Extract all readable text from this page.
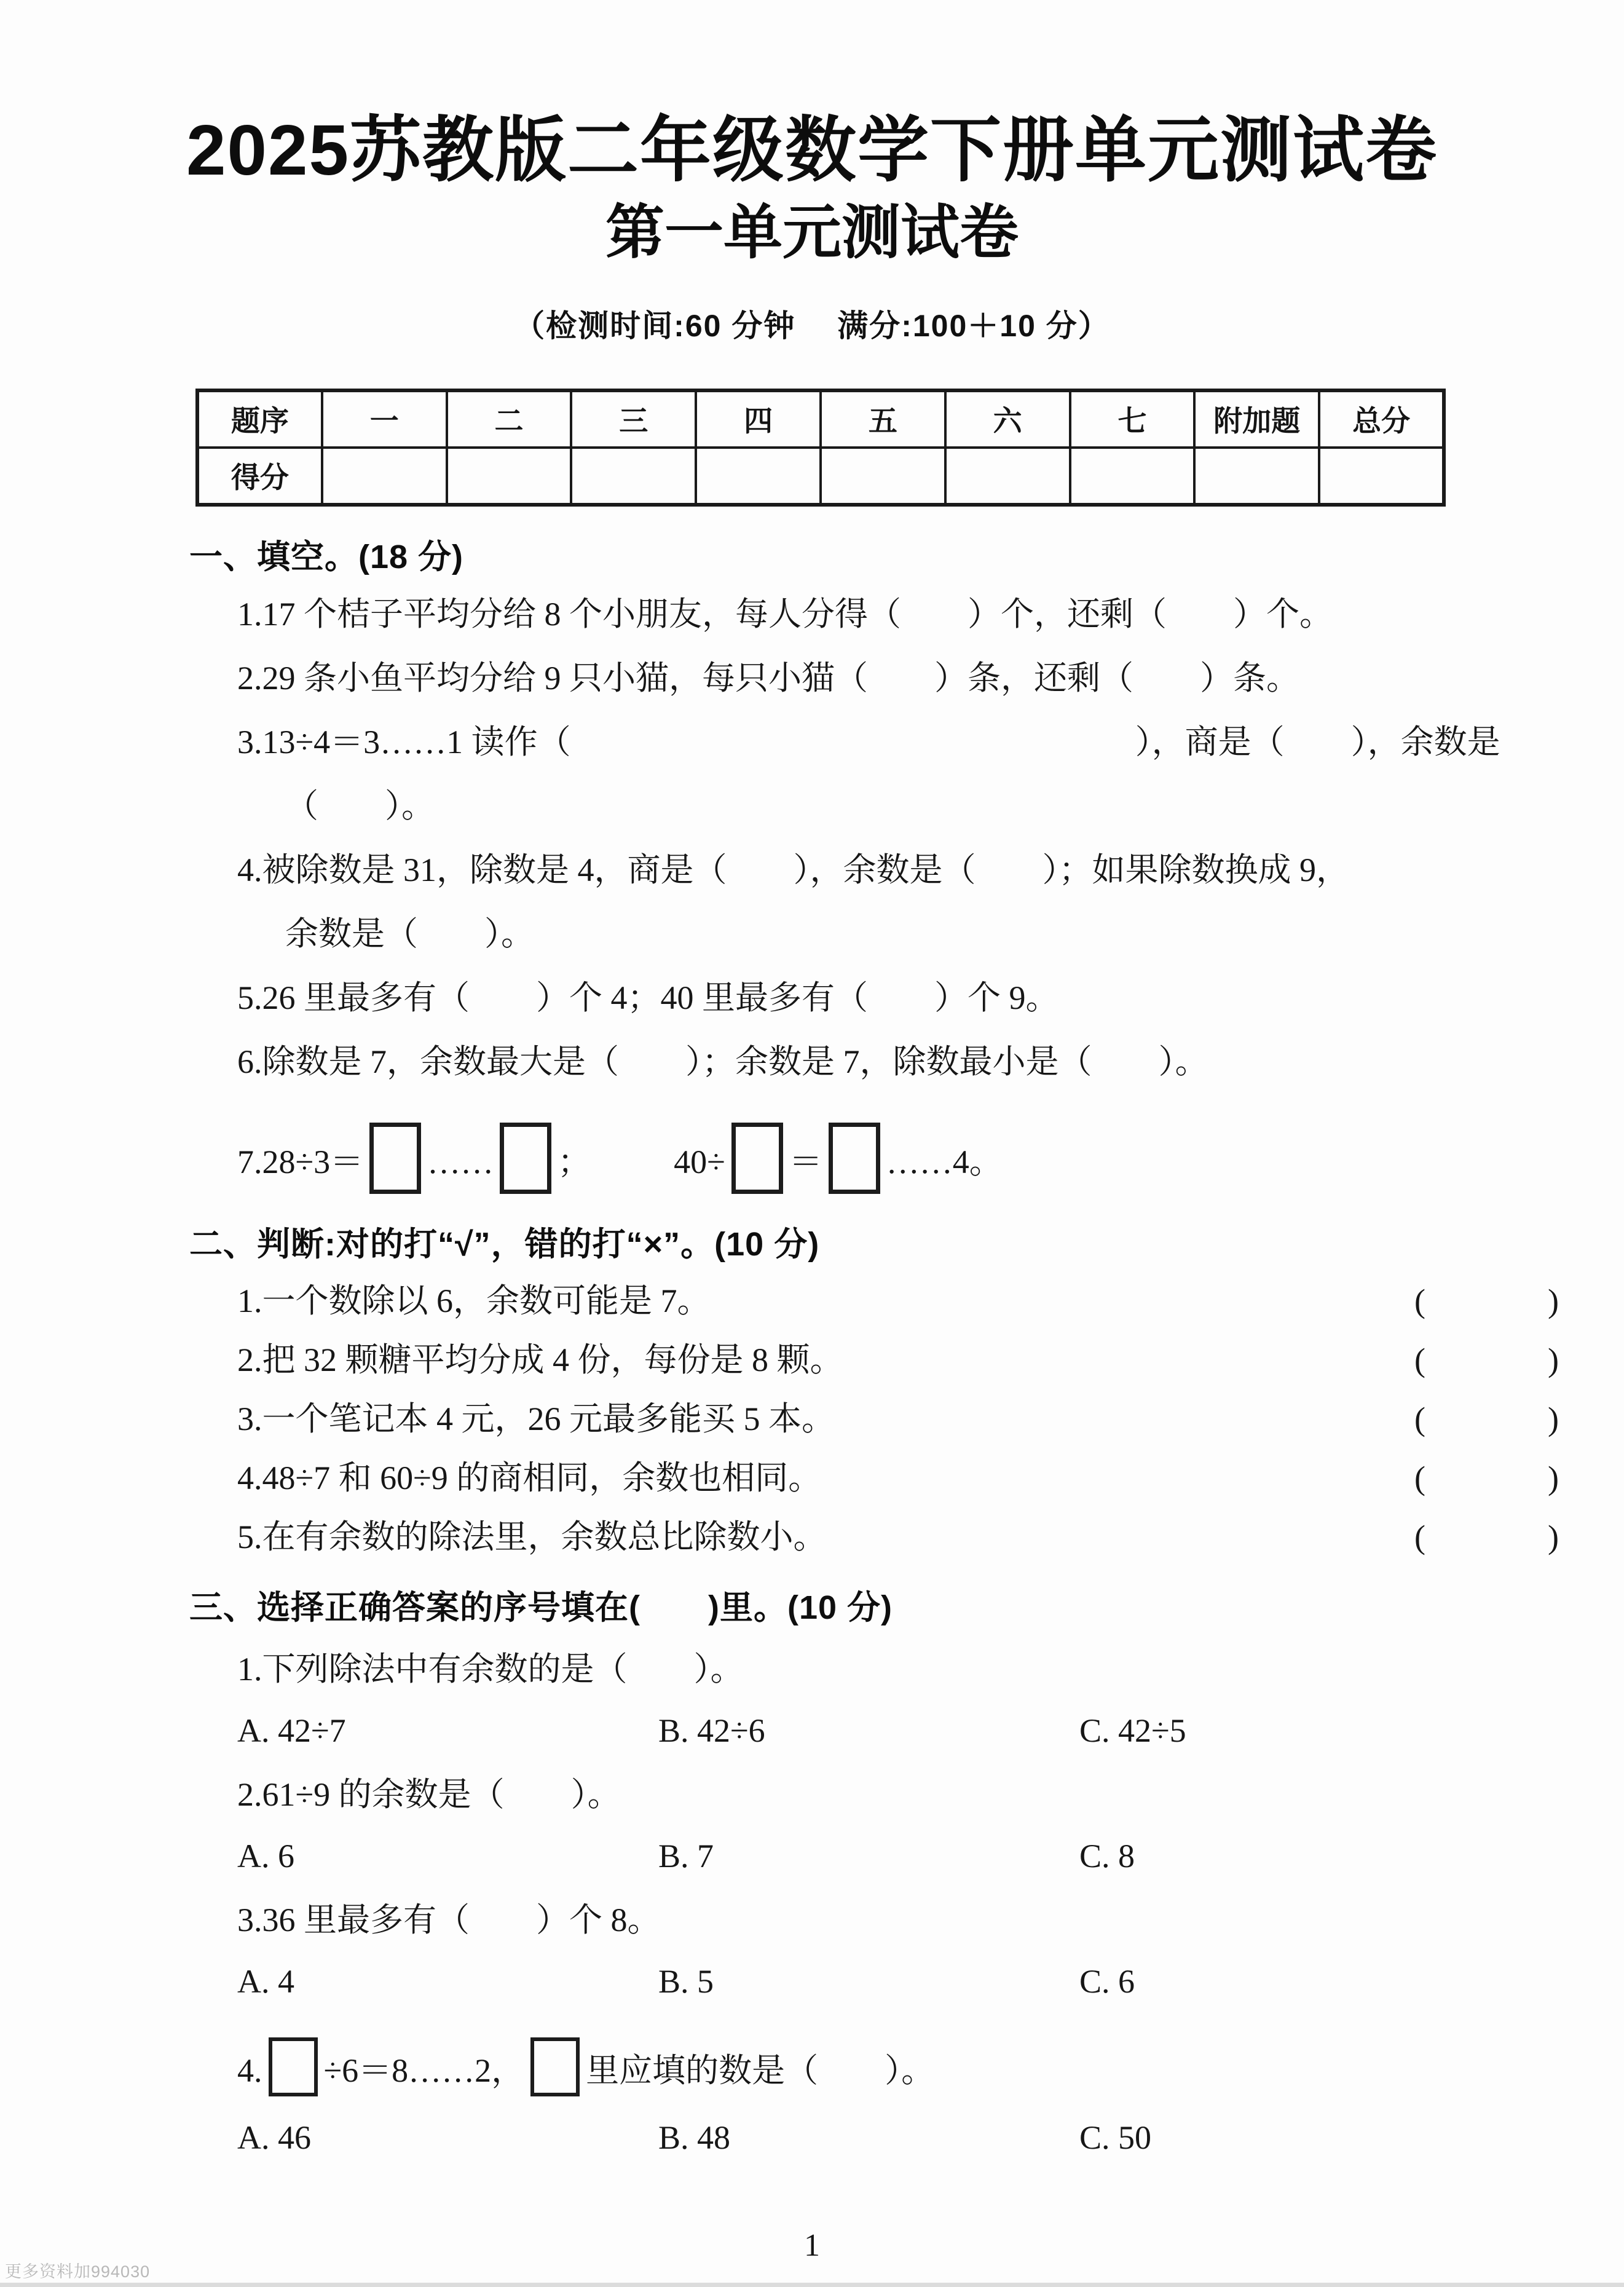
2025苏教版二年级数学下册单元测试卷
第一单元测试卷
（检测时间:60 分钟　 满分:100＋10 分）
题序	一	二	三	四	五	六	七	附加题	总分
得分									
一、填空。(18 分)
1.17 个桔子平均分给 8 个小朋友，每人分得（　　）个，还剩（　　）个。
2.29 条小鱼平均分给 9 只小猫，每只小猫（　　）条，还剩（　　）条。
3.13÷4＝3……1 读作（　　　　　　　　　　　　　　　　　），商是（　　），余数是
（　　）。
4.被除数是 31，除数是 4，商是（　　），余数是（　　）；如果除数换成 9，
余数是（　　）。
5.26 里最多有（　　）个 4；40 里最多有（　　）个 9。
6.除数是 7，余数最大是（　　）；余数是 7，除数最小是（　　）。
7.28÷3＝ …… ；　　　40÷ ＝ ……4。
二、判断:对的打“√”，错的打“×”。(10 分)
1.一个数除以 6，余数可能是 7。	(	)
2.把 32 颗糖平均分成 4 份，每份是 8 颗。	(	)
3.一个笔记本 4 元，26 元最多能买 5 本。	(	)
4.48÷7 和 60÷9 的商相同，余数也相同。	(	)
5.在有余数的除法里，余数总比除数小。	(	)
三、选择正确答案的序号填在(　　)里。(10 分)
1.下列除法中有余数的是（　　）。
A. 42÷7	B. 42÷6	C. 42÷5
2.61÷9 的余数是（　　）。
A. 6	B. 7	C. 8
3.36 里最多有（　　）个 8。
A. 4	B. 5	C. 6
4. ÷6＝8……2， 里应填的数是（　　）。
A. 46	B. 48	C. 50
1
更多资料加994030
